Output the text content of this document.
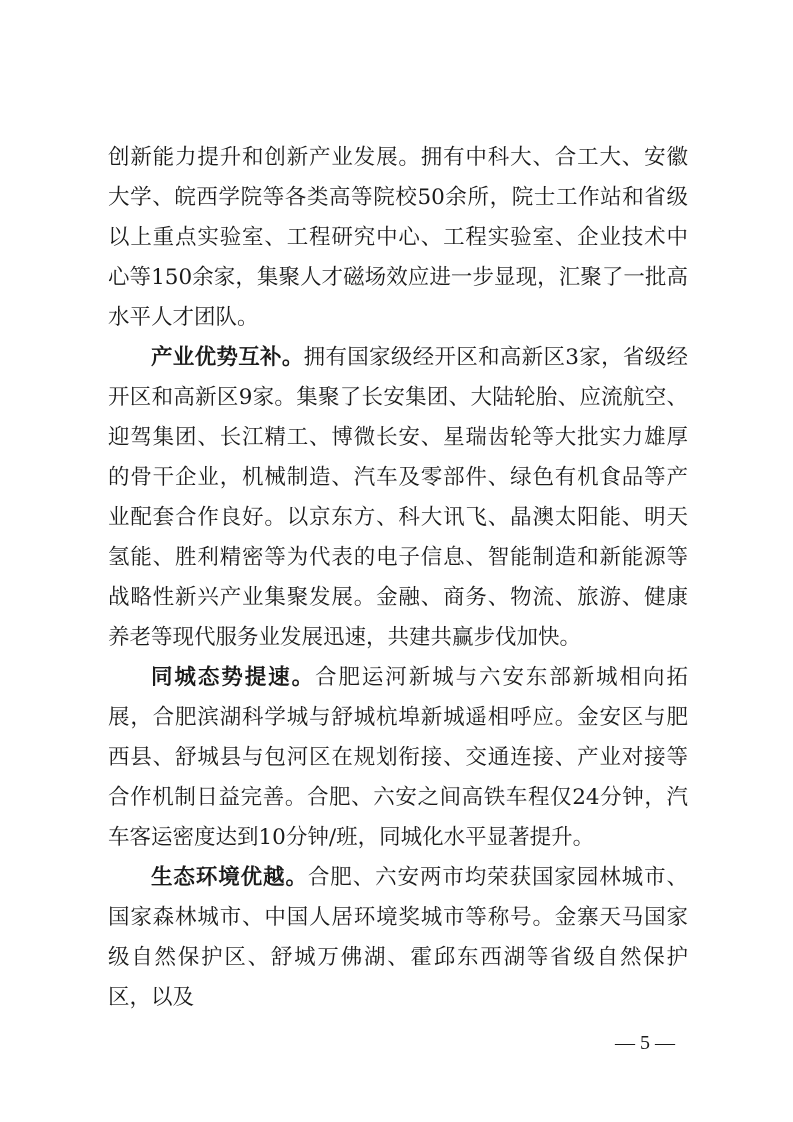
创新能力提升和创新产业发展。拥有中科大、合工大、安徽大学、皖西学院等各类高等院校50余所，院士工作站和省级以上重点实验室、工程研究中心、工程实验室、企业技术中心等150余家，集聚人才磁场效应进一步显现，汇聚了一批高水平人才团队。

产业优势互补。拥有国家级经开区和高新区3家，省级经开区和高新区9家。集聚了长安集团、大陆轮胎、应流航空、迎驾集团、长江精工、博微长安、星瑞齿轮等大批实力雄厚的骨干企业，机械制造、汽车及零部件、绿色有机食品等产业配套合作良好。以京东方、科大讯飞、晶澳太阳能、明天氢能、胜利精密等为代表的电子信息、智能制造和新能源等战略性新兴产业集聚发展。金融、商务、物流、旅游、健康养老等现代服务业发展迅速，共建共赢步伐加快。

同城态势提速。合肥运河新城与六安东部新城相向拓展，合肥滨湖科学城与舒城杭埠新城遥相呼应。金安区与肥西县、舒城县与包河区在规划衔接、交通连接、产业对接等合作机制日益完善。合肥、六安之间高铁车程仅24分钟，汽车客运密度达到10分钟/班，同城化水平显著提升。

生态环境优越。合肥、六安两市均荣获国家园林城市、国家森林城市、中国人居环境奖城市等称号。金寨天马国家级自然保护区、舒城万佛湖、霍邱东西湖等省级自然保护区，以及

— 5 —
